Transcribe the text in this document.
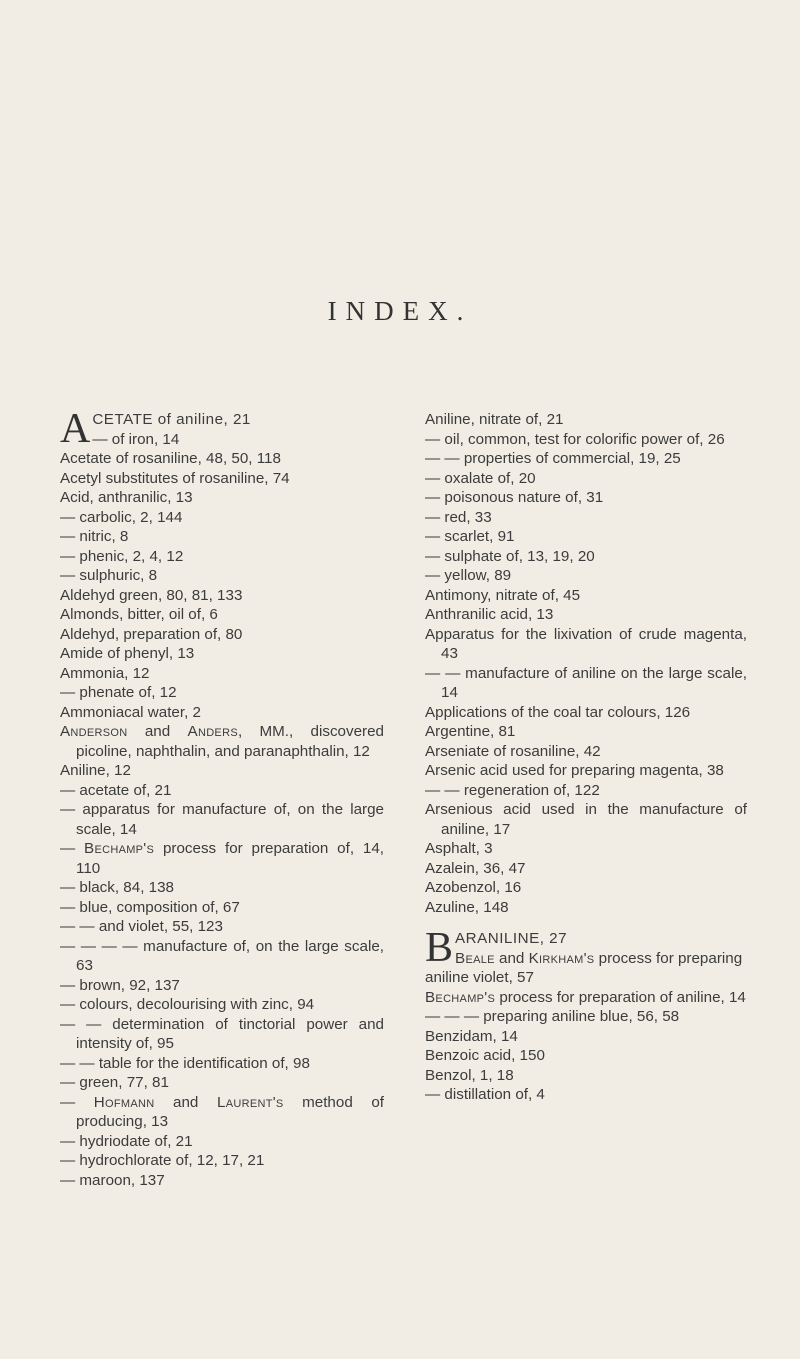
INDEX.
A CETATE of aniline, 21
— of iron, 14
Acetate of rosaniline, 48, 50, 118
Acetyl substitutes of rosaniline, 74
Acid, anthranilic, 13
— carbolic, 2, 144
— nitric, 8
— phenic, 2, 4, 12
— sulphuric, 8
Aldehyd green, 80, 81, 133
Almonds, bitter, oil of, 6
Aldehyd, preparation of, 80
Amide of phenyl, 13
Ammonia, 12
— phenate of, 12
Ammoniacal water, 2
Anderson and Anders, MM., discovered picoline, naphthalin, and paranaphthalin, 12
Aniline, 12
— acetate of, 21
— apparatus for manufacture of, on the large scale, 14
— Bechamp's process for preparation of, 14, 110
— black, 84, 138
— blue, composition of, 67
— — and violet, 55, 123
— — — — manufacture of, on the large scale, 63
— brown, 92, 137
— colours, decolourising with zinc, 94
— — determination of tinctorial power and intensity of, 95
— — table for the identification of, 98
— green, 77, 81
— Hofmann and Laurent's method of producing, 13
— hydriodate of, 21
— hydrochlorate of, 12, 17, 21
— maroon, 137
Aniline, nitrate of, 21
— oil, common, test for colorific power of, 26
— — properties of commercial, 19, 25
— oxalate of, 20
— poisonous nature of, 31
— red, 33
— scarlet, 91
— sulphate of, 13, 19, 20
— yellow, 89
Antimony, nitrate of, 45
Anthranilic acid, 13
Apparatus for the lixivation of crude magenta, 43
— — manufacture of aniline on the large scale, 14
Applications of the coal tar colours, 126
Argentine, 81
Arseniate of rosaniline, 42
Arsenic acid used for preparing magenta, 38
— — regeneration of, 122
Arsenious acid used in the manufacture of aniline, 17
Asphalt, 3
Azalein, 36, 47
Azobenzol, 16
Azuline, 148
B ARANILINE, 27
Beale and Kirkham's process for preparing aniline violet, 57
Bechamp's process for preparation of aniline, 14
— — — preparing aniline blue, 56, 58
Benzidam, 14
Benzoic acid, 150
Benzol, 1, 18
— distillation of, 4
